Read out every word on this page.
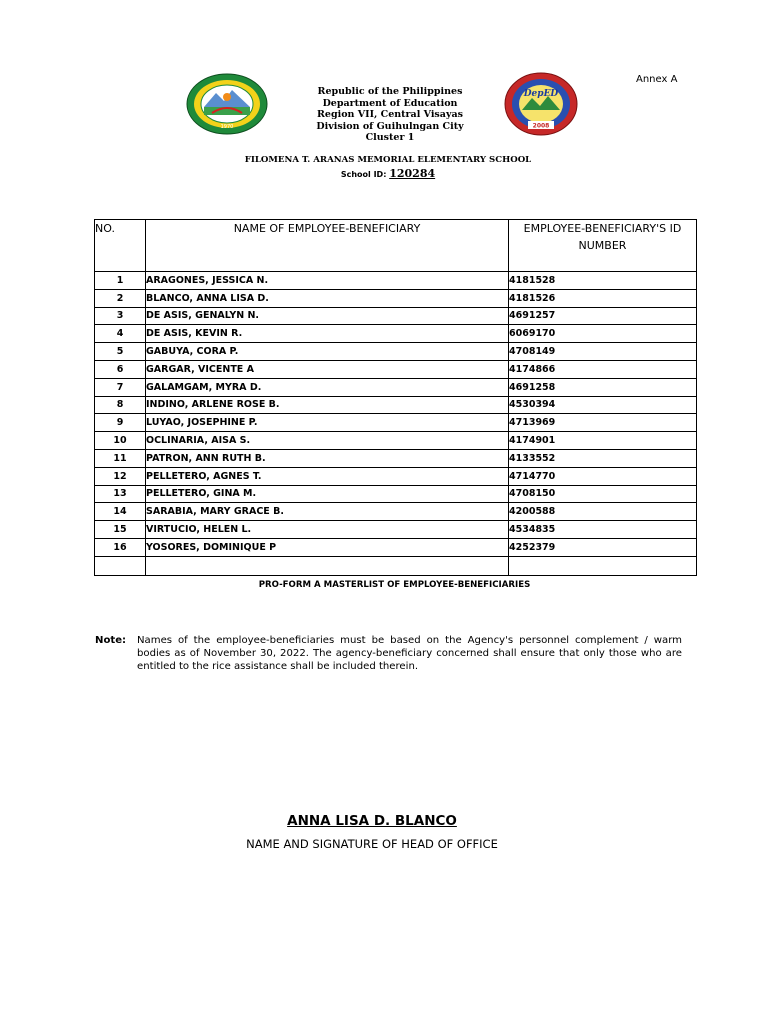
Annex A
1970
DepED
2008
Republic of the Philippines
Department of Education
Region VII, Central Visayas
Division of Guihulngan City
Cluster 1
FILOMENA T. ARANAS MEMORIAL ELEMENTARY SCHOOL
School ID: 120284
NO.	NAME OF EMPLOYEE-BENEFICIARY	EMPLOYEE-BENEFICIARY'S ID NUMBER
1	ARAGONES, JESSICA N.	4181528
2	BLANCO, ANNA LISA D.	4181526
3	DE ASIS, GENALYN N.	4691257
4	DE ASIS, KEVIN R.	6069170
5	GABUYA, CORA P.	4708149
6	GARGAR, VICENTE A	4174866
7	GALAMGAM, MYRA D.	4691258
8	INDINO, ARLENE ROSE B.	4530394
9	LUYAO, JOSEPHINE P.	4713969
10	OCLINARIA, AISA S.	4174901
11	PATRON, ANN RUTH B.	4133552
12	PELLETERO, AGNES T.	4714770
13	PELLETERO, GINA M.	4708150
14	SARABIA, MARY GRACE B.	4200588
15	VIRTUCIO, HELEN L.	4534835
16	YOSORES, DOMINIQUE P	4252379

PRO-FORM A MASTERLIST OF EMPLOYEE-BENEFICIARIES
Note:	Names of the employee-beneficiaries must be based on the Agency's personnel complement / warm bodies as of November 30, 2022. The agency-beneficiary concerned shall ensure that only those who are entitled to the rice assistance shall be included therein.
ANNA LISA D. BLANCO
NAME AND SIGNATURE OF HEAD OF OFFICE
